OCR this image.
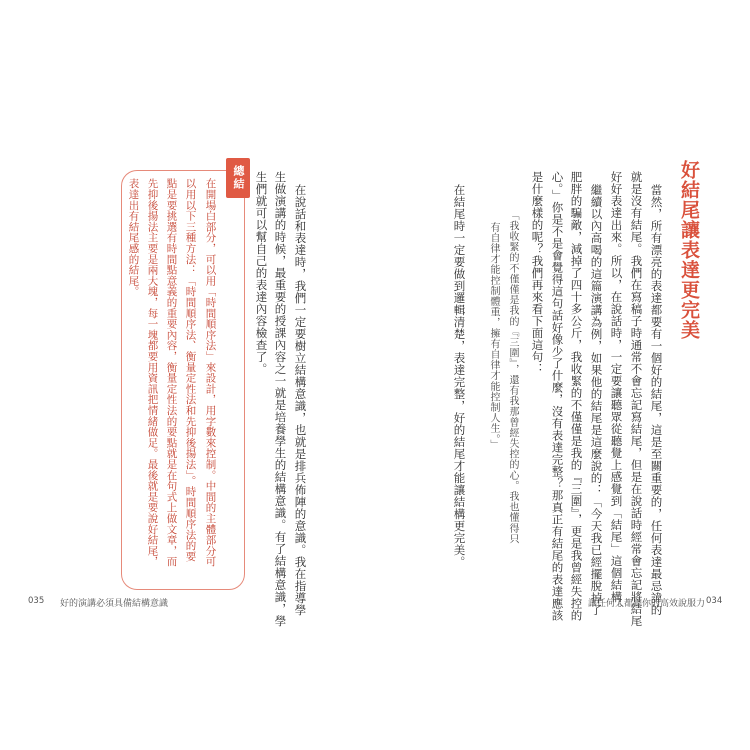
好結尾讓表達更完美
當然，所有漂亮的表達都要有一個好的結尾，這是至關重要的，任何表達最忌諱的
就是沒有結尾。我們在寫稿子時通常不會忘記寫結尾，但是在說話時經常會忘記將結尾
好好表達出來。所以，在說話時，一定要讓聽眾從聽覺上感覺到「結尾」這個結構。
繼續以內高喝的這篇演講為例，如果他的結尾是這麼說的：「今天我已經擺脫掉了
肥胖的騙敵，減掉了四十多公斤，我收緊的不僅僅是我的『三圍』，更是我曾經失控的
心。」你是不是會覺得這句話好像少了什麼，沒有表達完整？那真正有結尾的表達應該
是什麼樣的呢？我們再來看下面這句：
「我收緊的不僅僅是我的『三圍』，還有我那曾經失控的心。我也懂得只
有自律才能控制體重，擁有自律才能控制人生。」
在結尾時一定要做到邏輯清楚，表達完整，好的結尾才能讓結構更完美。
在說話和表達時，我們一定要樹立結構意識，也就是排兵佈陣的意識。我在指導學
生做演講的時候，最重要的授課內容之一就是培養學生的結構意識。有了結構意識，學
生們就可以幫自己的表達內容檢查了。
總結
在開場白部分，可以用「時間順序法」來設計，用字數來控制。中間的主體部分可
以用以下三種方法：「時間順序法、衡量定性法和先抑後揚法」。時間順序法的要
點是要挑選有時間點意義的重要內容，衡量定性法的要點就是在句式上做文章，而
先抑後揚法主要是兩大塊，每一塊都要用資訊把情緒做足。最後就是要說好結尾，
表達出有結尾感的結尾。
035 好的演講必須具備結構意識	讓任何人都聽你的高效說服力 034
